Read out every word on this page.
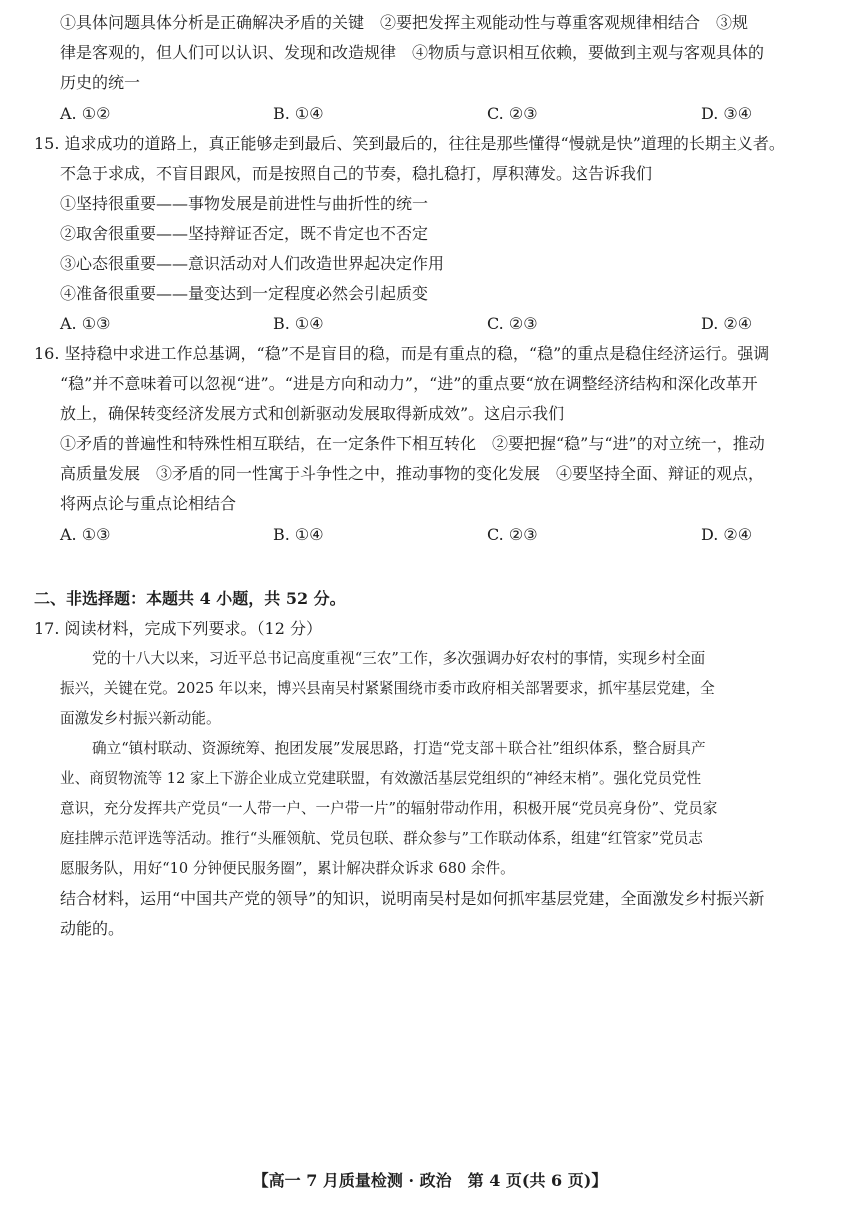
①具体问题具体分析是正确解决矛盾的关键　②要把发挥主观能动性与尊重客观规律相结合　③规
律是客观的，但人们可以认识、发现和改造规律　④物质与意识相互依赖，要做到主观与客观具体的
历史的统一
A. ①②	B. ①④	C. ②③	D. ③④
15. 追求成功的道路上，真正能够走到最后、笑到最后的，往往是那些懂得“慢就是快”道理的长期主义者。
不急于求成，不盲目跟风，而是按照自己的节奏，稳扎稳打，厚积薄发。这告诉我们
①坚持很重要——事物发展是前进性与曲折性的统一
②取舍很重要——坚持辩证否定，既不肯定也不否定
③心态很重要——意识活动对人们改造世界起决定作用
④准备很重要——量变达到一定程度必然会引起质变
A. ①③	B. ①④	C. ②③	D. ②④
16. 坚持稳中求进工作总基调，“稳”不是盲目的稳，而是有重点的稳，“稳”的重点是稳住经济运行。强调
“稳”并不意味着可以忽视“进”。“进是方向和动力”，“进”的重点要“放在调整经济结构和深化改革开
放上，确保转变经济发展方式和创新驱动发展取得新成效”。这启示我们
①矛盾的普遍性和特殊性相互联结，在一定条件下相互转化　②要把握“稳”与“进”的对立统一，推动
高质量发展　③矛盾的同一性寓于斗争性之中，推动事物的变化发展　④要坚持全面、辩证的观点，
将两点论与重点论相结合
A. ①③	B. ①④	C. ②③	D. ②④
二、非选择题：本题共 4 小题，共 52 分。
17. 阅读材料，完成下列要求。（12 分）
党的十八大以来，习近平总书记高度重视“三农”工作，多次强调办好农村的事情，实现乡村全面
振兴，关键在党。2025 年以来，博兴县南吴村紧紧围绕市委市政府相关部署要求，抓牢基层党建，全
面激发乡村振兴新动能。
确立“镇村联动、资源统筹、抱团发展”发展思路，打造“党支部＋联合社”组织体系，整合厨具产
业、商贸物流等 12 家上下游企业成立党建联盟，有效激活基层党组织的“神经末梢”。强化党员党性
意识，充分发挥共产党员“一人带一户、一户带一片”的辐射带动作用，积极开展“党员亮身份”、党员家
庭挂牌示范评选等活动。推行“头雁领航、党员包联、群众参与”工作联动体系，组建“红管家”党员志
愿服务队，用好“10 分钟便民服务圈”，累计解决群众诉求 680 余件。
结合材料，运用“中国共产党的领导”的知识，说明南吴村是如何抓牢基层党建，全面激发乡村振兴新
动能的。
【高一 7 月质量检测 · 政治　第 4 页(共 6 页)】
